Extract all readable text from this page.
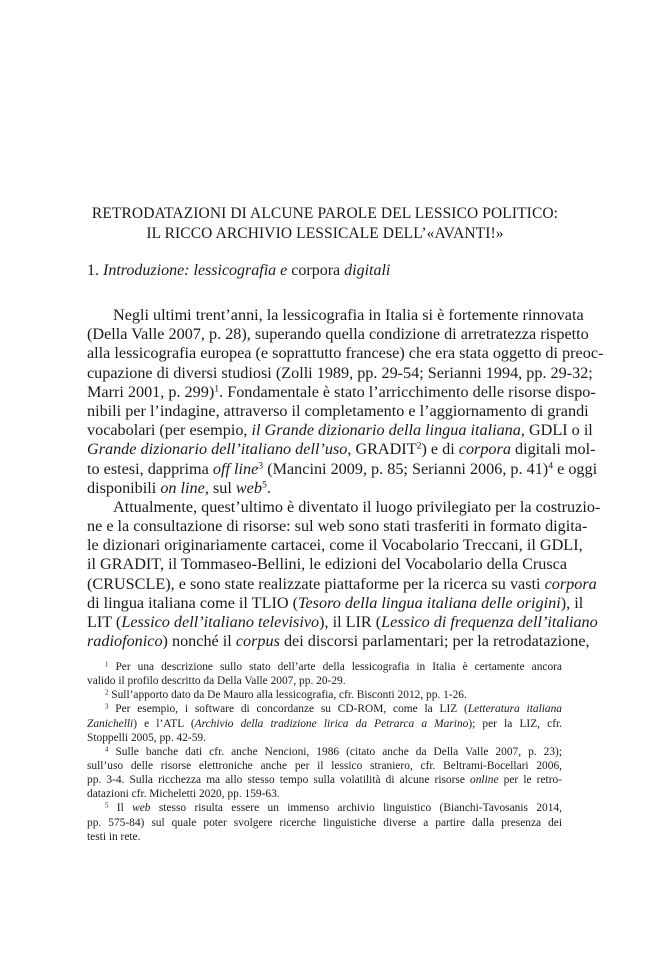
RETRODATAZIONI DI ALCUNE PAROLE DEL LESSICO POLITICO:
IL RICCO ARCHIVIO LESSICALE DELL’«AVANTI!»
1. Introduzione: lessicografia e corpora digitali
Negli ultimi trent’anni, la lessicografia in Italia si è fortemente rinnovata
(Della Valle 2007, p. 28), superando quella condizione di arretratezza rispetto
alla lessicografia europea (e soprattutto francese) che era stata oggetto di preoc-
cupazione di diversi studiosi (Zolli 1989, pp. 29-54; Serianni 1994, pp. 29-32;
Marri 2001, p. 299)$^1$. Fondamentale è stato l’arricchimento delle risorse dispo-
nibili per l’indagine, attraverso il completamento e l’aggiornamento di grandi
vocabolari (per esempio, il Grande dizionario della lingua italiana, GDLI o il
Grande dizionario dell’italiano dell’uso, GRADIT$^2$) e di corpora digitali mol-
to estesi, dapprima off line$^3$ (Mancini 2009, p. 85; Serianni 2006, p. 41)$^4$ e oggi
disponibili on line, sul web$^5$.
Attualmente, quest’ultimo è diventato il luogo privilegiato per la costruzio-
ne e la consultazione di risorse: sul web sono stati trasferiti in formato digita-
le dizionari originariamente cartacei, come il Vocabolario Treccani, il GDLI,
il GRADIT, il Tommaseo-Bellini, le edizioni del Vocabolario della Crusca
(CRUSCLE), e sono state realizzate piattaforme per la ricerca su vasti corpora
di lingua italiana come il TLIO (Tesoro della lingua italiana delle origini), il
LIT (Lessico dell’italiano televisivo), il LIR (Lessico di frequenza dell’italiano
radiofonico) nonché il corpus dei discorsi parlamentari; per la retrodatazione,
$^1$ Per una descrizione sullo stato dell’arte della lessicografia in Italia è certamente ancora
valido il profilo descritto da Della Valle 2007, pp. 20-29.
$^2$ Sull’apporto dato da De Mauro alla lessicografia, cfr. Bisconti 2012, pp. 1-26.
$^3$ Per esempio, i software di concordanze su CD-ROM, come la LIZ (Letteratura italiana
Zanichelli) e l’ATL (Archivio della tradizione lirica da Petrarca a Marino); per la LIZ, cfr.
Stoppelli 2005, pp. 42-59.
$^4$ Sulle banche dati cfr. anche Nencioni, 1986 (citato anche da Della Valle 2007, p. 23);
sull’uso delle risorse elettroniche anche per il lessico straniero, cfr. Beltrami-Bocellari 2006,
pp. 3-4. Sulla ricchezza ma allo stesso tempo sulla volatilità di alcune risorse online per le retro-
datazioni cfr. Micheletti 2020, pp. 159-63.
$^5$ Il web stesso risulta essere un immenso archivio linguistico (Bianchi-Tavosanis 2014,
pp. 575-84) sul quale poter svolgere ricerche linguistiche diverse a partire dalla presenza dei
testi in rete.
